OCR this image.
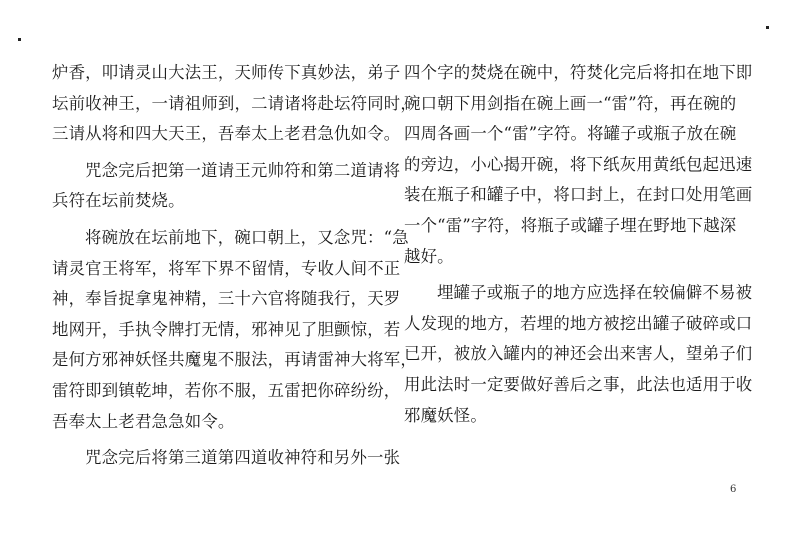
炉香，叩请灵山大法王，天师传下真妙法，弟子
坛前收神王，一请祖师到，二请诸将赴坛符同时，
三请从将和四大天王，吾奉太上老君急仇如令。
咒念完后把第一道请王元帅符和第二道请将
兵符在坛前焚烧。
将碗放在坛前地下，碗口朝上，又念咒：“急
请灵官王将军，将军下界不留情，专收人间不正
神，奉旨捉拿鬼神精，三十六官将随我行，天罗
地网开，手执令牌打无情，邪神见了胆颤惊，若
是何方邪神妖怪共魔鬼不服法，再请雷神大将军，
雷符即到镇乾坤，若你不服，五雷把你碎纷纷，
吾奉太上老君急急如令。
咒念完后将第三道第四道收神符和另外一张
四个字的焚烧在碗中，符焚化完后将扣在地下即
碗口朝下用剑指在碗上画一“雷”符，再在碗的
四周各画一个“雷”字符。将罐子或瓶子放在碗
的旁边，小心揭开碗，将下纸灰用黄纸包起迅速
装在瓶子和罐子中，将口封上，在封口处用笔画
一个“雷”字符，将瓶子或罐子埋在野地下越深
越好。
埋罐子或瓶子的地方应选择在较偏僻不易被
人发现的地方，若埋的地方被挖出罐子破碎或口
已开，被放入罐内的神还会出来害人，望弟子们
用此法时一定要做好善后之事，此法也适用于收
邪魔妖怪。
6
